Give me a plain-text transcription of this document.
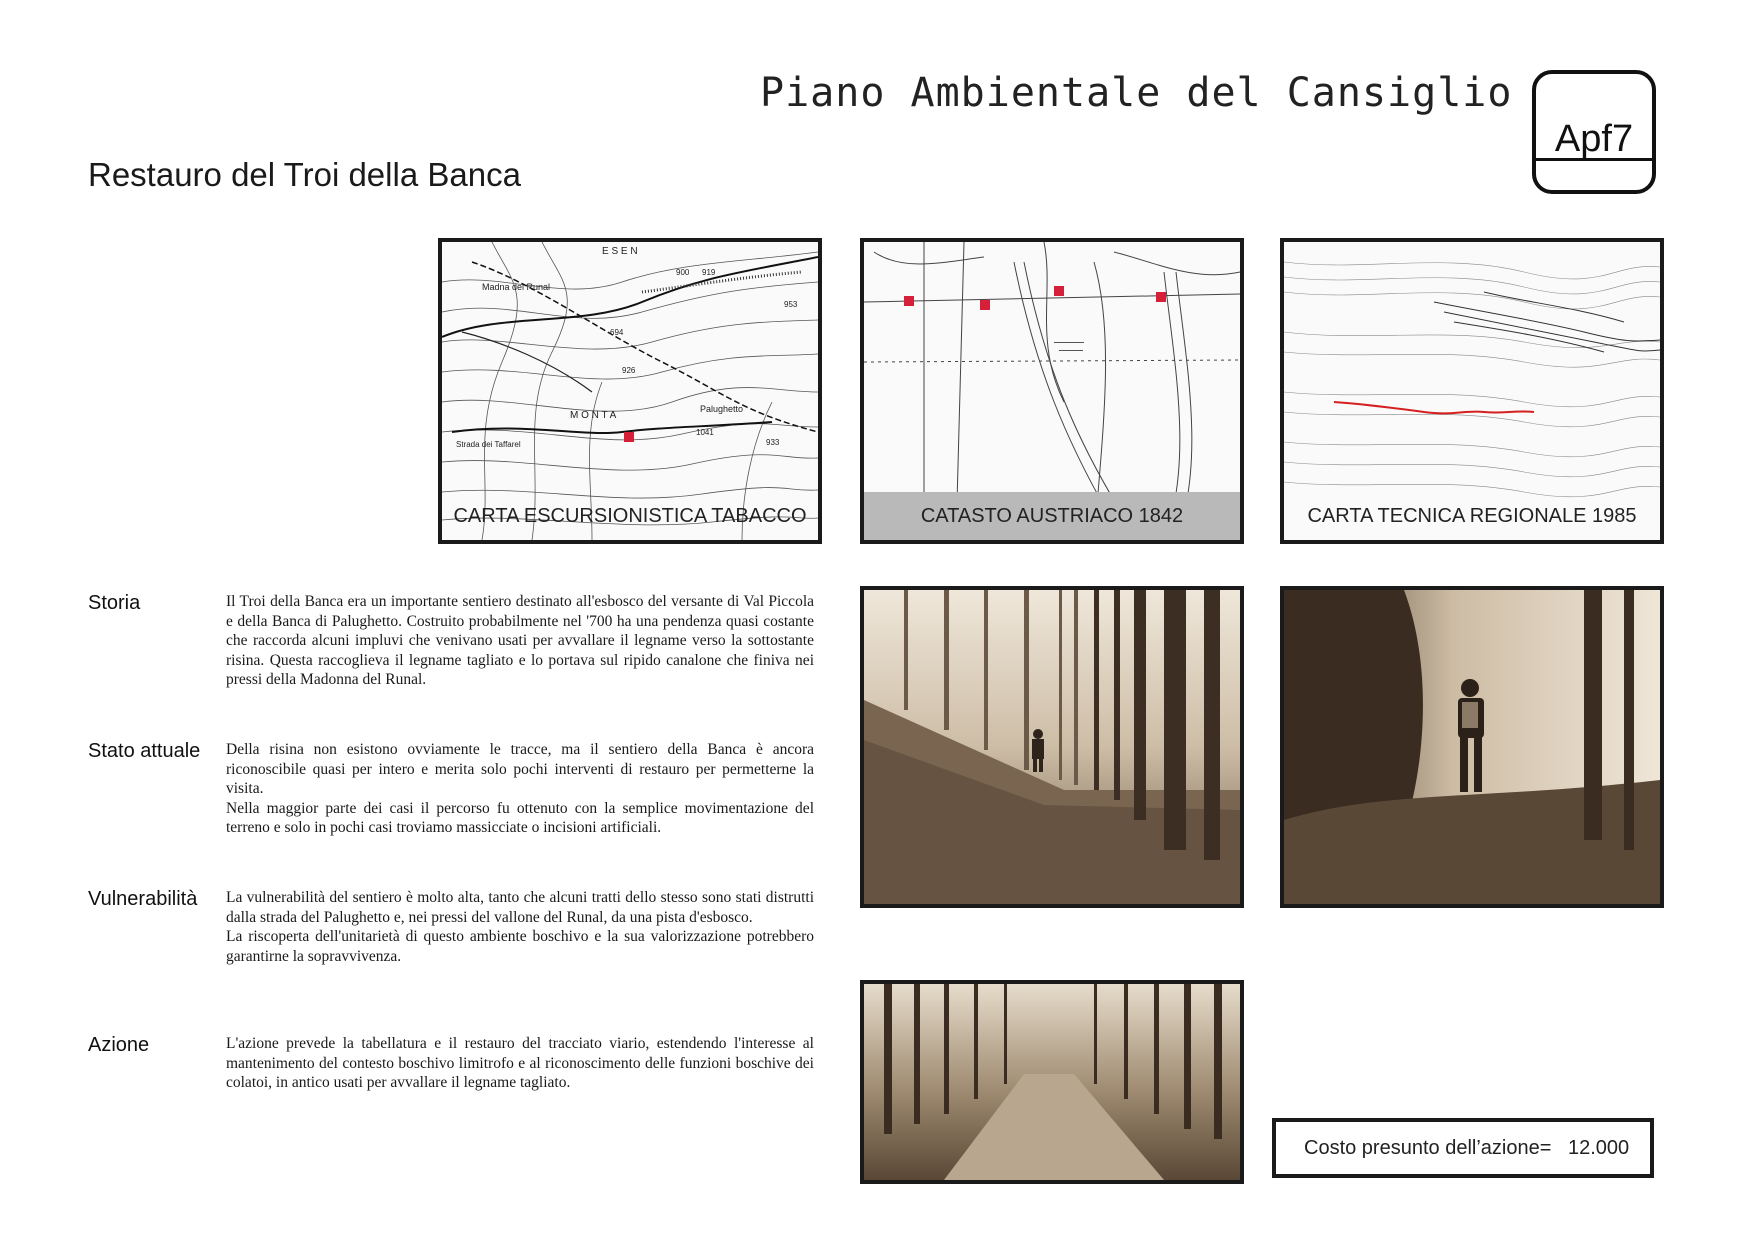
Piano Ambientale del Cansiglio
Apf7
Restauro del Troi della Banca
Madna del Runal
Strada dei Taffarel
Palughetto
M O N T A
E S E N
694
926
1041
900 919
953
933
CARTA ESCURSIONISTICA TABACCO	CATASTO AUSTRIACO 1842	CARTA TECNICA REGIONALE 1985
Storia	Il Troi della Banca era un importante sentiero destinato all'esbosco del versante di Val Piccola e della Banca di Palughetto. Costruito probabilmente nel '700 ha una pendenza quasi costante che raccorda alcuni impluvi che venivano usati per avvallare il legname verso la sottostante risina. Questa raccoglieva il legname tagliato e lo portava sul ripido canalone che finiva nei pressi della Madonna del Runal.

Stato attuale Della risina non esistono ovviamente le tracce, ma il sentiero della Banca è ancora riconoscibile quasi per intero e merita solo pochi interventi di restauro per permetterne la visita.

Nella maggior parte dei casi il percorso fu ottenuto con la semplice movimentazione del terreno e solo in pochi casi troviamo massicciate o incisioni artificiali.

Vulnerabilità La vulnerabilità del sentiero è molto alta, tanto che alcuni tratti dello stesso sono stati distrutti dalla strada del Palughetto e, nei pressi del vallone del Runal, da una pista d'esbosco.

La riscoperta dell'unitarietà di questo ambiente boschivo e la sua valorizzazione potrebbero garantirne la sopravvivenza.

Azione	L'azione prevede la tabellatura e il restauro del tracciato viario, estendendo l'interesse al mantenimento del contesto boschivo limitrofo e al riconoscimento delle funzioni boschive dei colatoi, in antico usati per avvallare il legname tagliato.

Costo presunto dell’azione= 12.000
